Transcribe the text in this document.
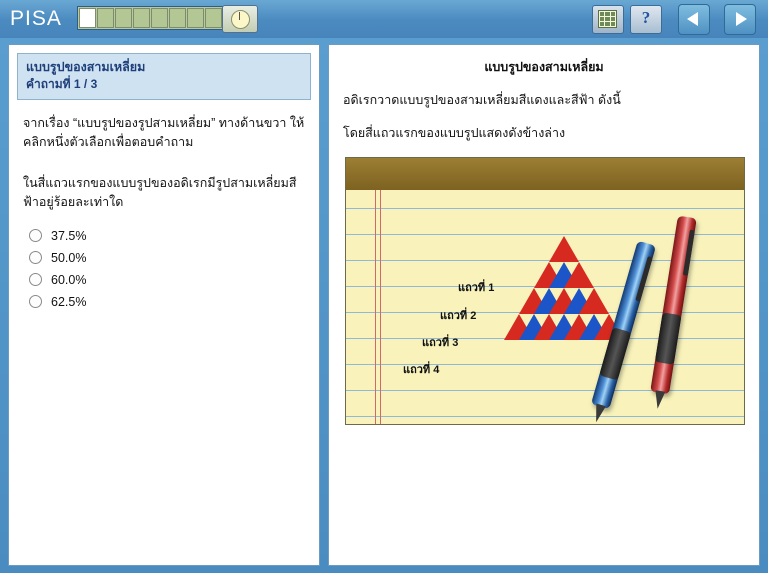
PISA	?
แบบรูปของสามเหลี่ยม
คำถามที่ 1 / 3
จากเรื่อง “แบบรูปของรูปสามเหลี่ยม” ทางด้านขวา ให้คลิกหนึ่งตัวเลือกเพื่อตอบคำถาม
ในสี่แถวแรกของแบบรูปของอดิเรกมีรูปสามเหลี่ยมสีฟ้าอยู่ร้อยละเท่าใด
37.5%
50.0%
60.0%
62.5%
แบบรูปของสามเหลี่ยม
อดิเรกวาดแบบรูปของสามเหลี่ยมสีแดงและสีฟ้า ดังนี้
โดยสี่แถวแรกของแบบรูปแสดงดังข้างล่าง
แถวที่ 1
แถวที่ 2
แถวที่ 3
แถวที่ 4
